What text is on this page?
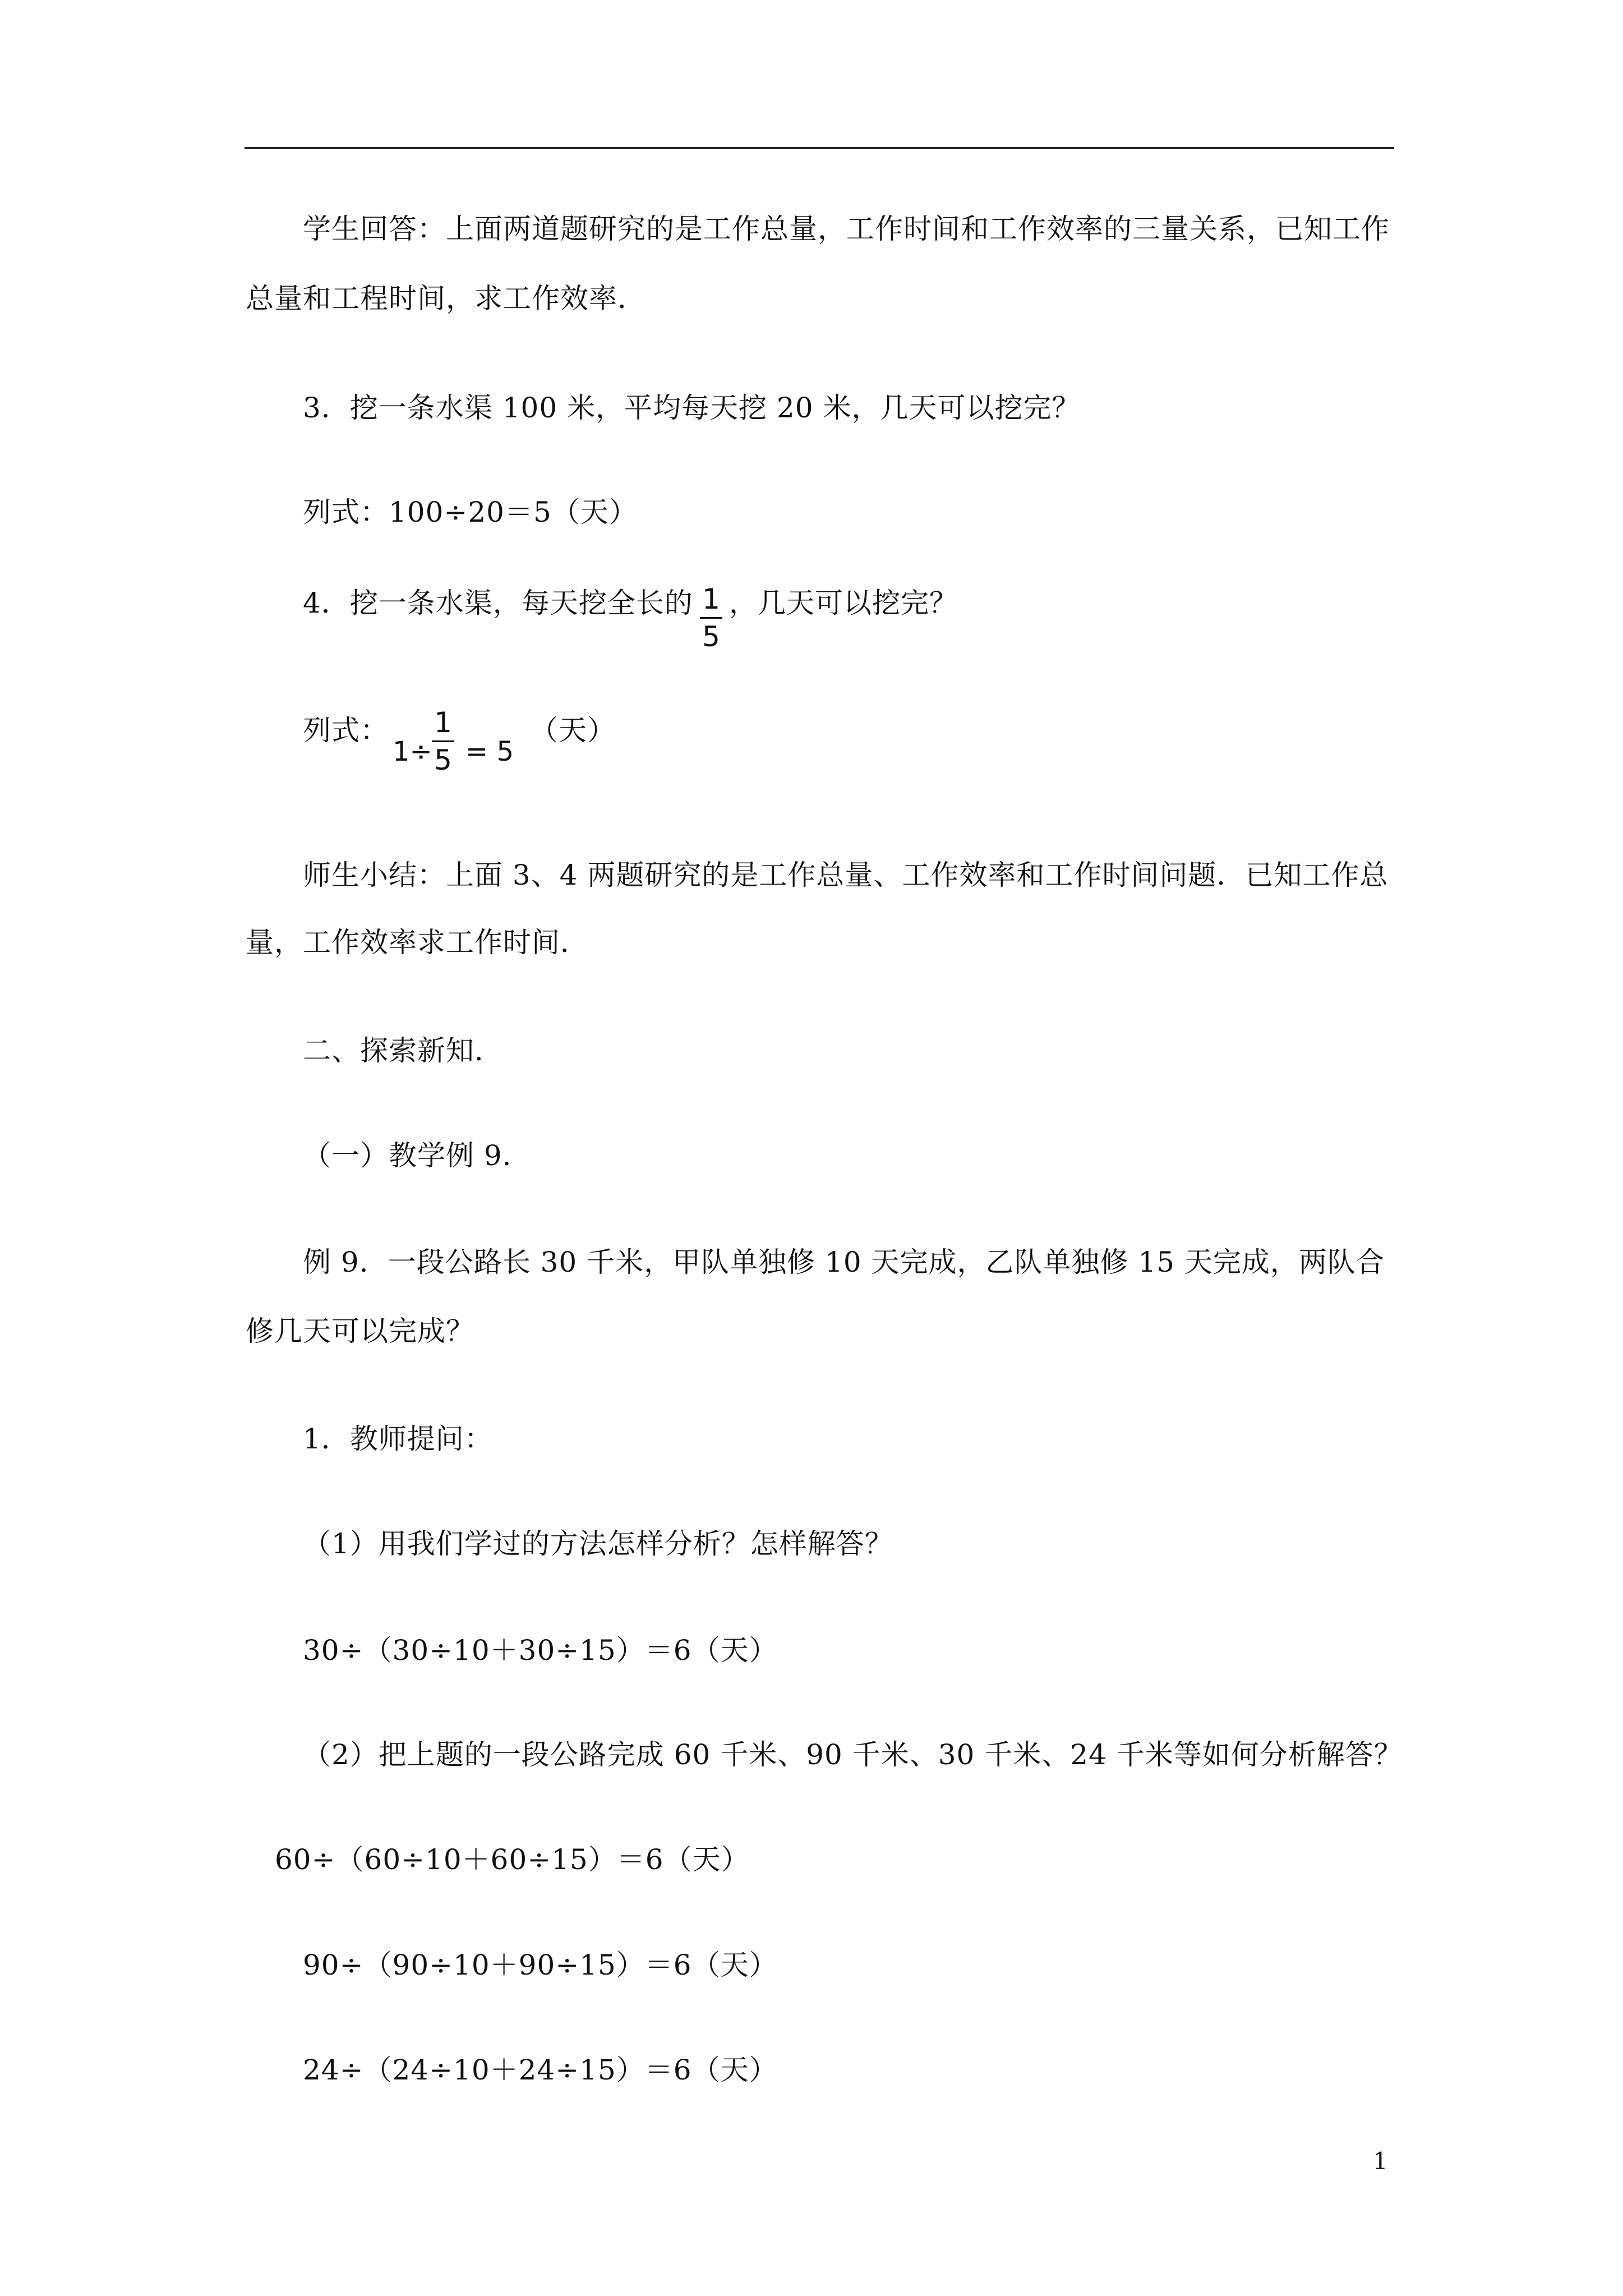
学生回答：上面两道题研究的是工作总量，工作时间和工作效率的三量关系，已知工作
总量和工程时间，求工作效率．
3．挖一条水渠 100 米，平均每天挖 20 米，几天可以挖完？
列式：100÷20＝5（天）
4．挖一条水渠，每天挖全长的 1
5
，几天可以挖完？
列式：
1÷
1
5 = 5
（天）
师生小结：上面 3、4 两题研究的是工作总量、工作效率和工作时间问题．已知工作总
量，工作效率求工作时间．
二、探索新知．
（一）教学例 9．
例 9．一段公路长 30 千米，甲队单独修 10 天完成，乙队单独修 15 天完成，两队合
修几天可以完成？
1．教师提问：
（1）用我们学过的方法怎样分析？怎样解答？
30÷（30÷10＋30÷15）＝6（天）
（2）把上题的一段公路完成 60 千米、90 千米、30 千米、24 千米等如何分析解答？
60÷（60÷10＋60÷15）＝6（天）
90÷（90÷10＋90÷15）＝6（天）
24÷（24÷10＋24÷15）＝6（天）
1
